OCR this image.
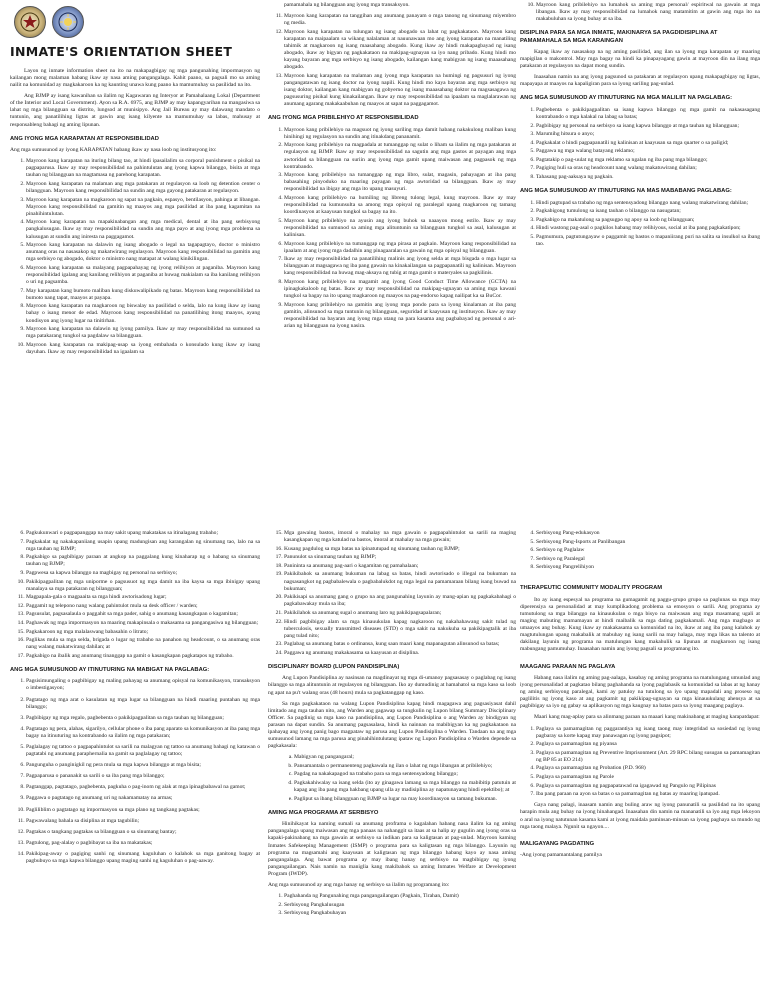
INMATE'S ORIENTATION SHEET

Layon ng inmate information sheet na ito na makapagbigay ng mga pangunahing impormasyon ng kailangan mong malaman habang ikaw ay nasa aming pangangalaga. Kahit paano, sa pagsali mo sa aming nailit na komunidad ay magkakaroon ka ng kaunting unawa kung paano ka mamumuhay sa pasilidad na ito.

Ang BJMP ay isang kawanihan sa ilalim ng Kagawaran ng Interyor at Pamahalaang Lokal (Department of the Interior and Local Government). Ayon sa R.A. 6975, ang BJMP ay may kapangyarihan na mangasiwa sa lahat ng mga bilangguan sa distrito, lungsod at munisipyo. Ang Jail Bureau ay may dalawang mandato o tuntunin, ang panatilihing ligtas at gawin ang isang kilyente na mamumuhay sa labas, mahusay at responsableng bahagi ng aming lipunan.

ANG IYONG MGA KARAPATAN AT RESPONSIBILIDAD

Ang mga sumusunod ay iyong KARAPATAN habang ikaw ay nasa loob ng institusyong ito:

1. Mayroon kang karapatan na ituring bilang tao, at hindi ipasailalim sa corporal punishment o pisikal na pagpaparusa. Ikaw ay may responsibilidad na pahintulutan ang iyong kapwa bilanggo, bisita at mga tauhan ng bilangguan na magtamasa ng parehong karapatan.
2. Mayroon kang karapatan na malaman ang mga patakaran at regulasyon sa loob ng detention center o bilangguan. Mayroon kang responsibilidad na sundin ang mga gayong patakaran at regulasyon.
3. Mayroon kang karapatan na magkaroon ng sapat na pagkain, espasyo, bentilasyon, pahinga at libangan. Mayroon kang responsibilidad na gamitin ng maayos ang mga pasilidad at iba pang kagamitan na pinahihintulutan.
4. Mayroon kang karapatan na mapakinabangan ang mga medical, dental at iba pang serbisyong pangkalusugan. Ikaw ay may responsibilidad na sundin ang mga payo at ang iyong mga problema sa kalusugan at sundin ang iniresta na paggagamot.
5. Mayroon kang karapatan na dalawin ng isang abogado o legal na tagapagtayo, doctor o ministro anumang oras na nasasakop ng makatwirang regulasyon. Mayroon kang responsibilidad na gamitin ang mga serbisyo ng abogado, doktor o ministro nang matapat at walang kinikilingan.
6. Mayroon kang karapatan sa malayang pagpapahayag ng iyong relihiyon at paganiba. Mayroon kang responsibilidad igalang ang kanilang relihiyon at paganiba at huwag makialam sa iba kanilang relihiyon o uri ng pagsamba.
7. May karapatan kang bumoto maliban kung diskuwalipikado ng batas. Mayroon kang responsibilidad na bumoto nang tapat, maayos at payapa.
8. Mayroon kang karapatan na magkaroon ng biswalay na pasilidad o selda, lalo na kung ikaw ay isang bahay o isang menor de edad. Mayroon kang responsibilidad na panatilihing itong maayos, ayang kondisyon ang iyong lugar na tinitirhan.
9. Mayroon kang karapatan na dalawin ng iyong pamilya. Ikaw ay may responsibilidad na sumunod sa mga patakarang tungkol sa pagdalaw sa bilangguan.
10. Mayroon kang karapatan na makipag-usap sa iyong embahada o konsulado kung ikaw ay isang dayuhan. Ikaw ay may responsibilidad na igaalam sa

pamamahala ng bilangguan ang iyong mga transaksyon.

11. Mayroon kang karapatan na tanggihan ang anumang panayam o mga tanong ng sinumang miyembro ng media.
12. Mayroon kang karapatan na tulungan ng isang abogado sa lahat ng pagkakataon. Mayroon kang karapatan na maipaalam sa wikang nalalaman at nauunawaan mo ang iyong karapatan na manatiling tahimik at magkaroon ng isang maasahang abogado. Kung ikaw ay hindi makapagbayad ng isang abogado, ikaw ay bigyan ng pagkakataon na makipag-ugnayan sa iyo nang pribado. Kung hindi mo kayang bayaran ang mga serbisyo ng isang abogado, kailangan kang mabigyan ng isang maaasahang abogado.
13. Mayroon kang karapatan na malaman ang iyong mga karapatan na humingi ng pagsusuri ng iyong pangangatawan ng isang doctor na iyong napili. Kung hindi mo kaya bayaran ang mga serbisyo ng isang doktor, kailangan kang mabigyan ng gobyerno ng isang maaasahang doktor na magsasagawa ng pagsusuring pisikal kung kinakailangan. Ikaw ay may responsibilidad na ipaalam sa maglalarawan ng anumang agarang makakaabuhan ng maayos at sapat na paggagamot.
ANG IYONG MGA PRIBILEHIYO AT RESPONSIBILIDAD
1. Mayroon kang pribilehiyo na magsuot ng iyong sariling mga damit habang nakakulong maliban kung hinihingi ng regulasyon na sundin ang itinakdang pananamit.
2. Mayroon kang pribilehiyo na magpadala at tumanggap ng sulat o liham sa ilalim ng mga patakaran at regulasyon ng BJMP. Ikaw ay may responsibilidad na sagutin ang mga gastos at payagan ang mga awtoridad sa bilangguan na suriin ang iyong mga gamit upang maiwasan ang pagpasok ng mga kontrabando.
3. Mayroon kang pribilehiyo na tumanggap ng mga libro, sulat, magasin, pahayagan at iba pang babasahing pinyoduko na maaring payagan ng mga awtoridad sa bilangguan. Ikaw ay may responsibilidad na ibigay ang mga ito upang masuyuri.
4. Mayroon kang pribilehiyo na humiling ng libreng tulong legal, kung mayroon. Ikaw ay may responsibilidad na kumunsulta sa among mga opisyal ng paralegal upang magkaroon ng tamang koordinasyon at kaayusan tungkol sa bagay na ito.
5. Mayroon kang pribilehiyo na ayusin ang iyong buhok sa naaayon mong estilo. Ikaw ay may responsibilidad na sumunod sa aming mga alituntunin sa bilangguan tungkol sa asal, kalusugan at kalinisan.
6. Mayroon kang pribilehiyo na tumanggap ng mga pirasa at pagkain. Mayroon kang responsibilidad na ipaalam at ang iyong mga dadalhin ang pinagaaralan sa gawain ng mga opisyal ng bilangguan.
7. Ikaw ay may responsibilidad na panatilihing malinis ang iyong selda at mga bisgada o mga lugar sa bilangguan at magsagawa ng iba pang gawain na kinakailangan sa pagpapanatili ng kalinisan. Mayroon kang responsibilidad na huwag mag-aksaya ng tubig at mga gamit o materyales sa pagkilinis.
8. Mayroon kang pribilehiyo na magamit ang iyong Good Conduct Time Allowance (GCTA) na ipinagkakaloob ng batas. Ikaw ay may responsibilidad na makipag-ugnayan sa aming mga kawani tungkol sa bagay na ito upang magkaroon ng maayos na pag-endorso kapag nailipat ka sa BuCor.
9. Mayroon kang pribilehiyo na gamitin ang iyong mga pondo para sa iyong kinalaman at iba pang gamitin, alinsunod sa mga tuntunin ng bilangguan, seguridad at kaayusan ng institusyon. Ikaw ay may responsibilidad na bayaran ang iyong mga utang na para kasama ang pagbabayad ng personal o ari-arian ng bilangguan na iyong nasira.
10. Mayroon kang pribilehiyo na lumahok sa aming mga personal/ espiritwal na gawain at mga libangan. Ikaw ay may responsibilidad na lumahok nang matamitim at gawin ang mga ito na makabuluhan sa iyong buhay at sa iba.
DISIPLINA PARA SA MGA INMATE, MAKINARYA SA PAGDIDISIPLINA AT PAMAMAHALA SA MGA KARAINGAN

Kapag ikaw ay nasasakop na ng aming pasilidad, ang ilan sa iyong mga karapatan ay maaring mapigilan o makontrol. May mga bagay na hindi ka pinapayagang gawin at mayroon din na ilang mga patakaran at regulasyon na dapat mong sundin.

Inaasahan namin na ang iyong pagsunod sa patakaran at regulasyon upang makapagbigay ng ligtas, mapayapa at maayos na kapaligiran para sa iyong sariling pag-unlad.

ANG MGA SUMUSUNOD AY ITINUTURING NA MGA MALILIIT NA PAGLABAG:
1. Pagbebenta o pakikipagpalitan sa isang kapwa bilanggo ng mga gamit na nakasasagang kontrabando o mga kalakal na labag sa batas;
2. Pagbibigay ng personal na serbisyo sa isang kapwa bilanggo at mga tauhan ng bilangguan;
3. Marumihg hitsura o anyo;
4. Pagkakalat o hindi pagpapanatili ng kalinisan at kaayusan sa mga quarter o sa paligid;
5. Paggawa ng mga walang batayang reklamo;
6. Pagtatakip o pag-uulat ng mga reklamo sa ngalan ng iba pang mga bilanggo;
7. Pagiging huli sa oras ng headcount nang walang makatuwirang dahilan;
8. Tahasang pag-aaksaya ng pagkain.
ANG MGA SUMUSUNOD AY ITINUTURING NA MAS MABABANG PAGLABAG:
1. Hindi pagtupad sa trabaho ng mga sentensyadong bilanggo nang walang makatwirang dahilan;
2. Pagkabigong tumulong sa isang tauhan o bilanggo na nasugatan;
3. Pagkabigo na makatulong sa pagsugpo ng apoy sa loob ng bilangguan;
4. Hindi wastong pag-asal o pagkilos habang may relihiyous, social at iba pang pagkakatipon;
5. Pagmumura, pagtutungayaw o paggamit ng bastos o mapaniirang puri na salita sa insulkol sa ibang tao.
6. Pagkukunwari o pagpapanggap na may sakit upang makatakas sa itinalagang trabaho;
7. Pagkakalat ng nakakapaniiang usapin upang madungisan ang karangalan ng sinumang tao, lalo na sa mga tauhan ng BJMP;
8. Pagkabigo sa pagbibigay paraan at angkop na paggalang kung kinaharap ng o habang sa sinumang tauhan ng BJMP;
9. Pagpwesa sa kapwa bilanggo na magbigay ng personal na serbisyo;
10. Pakikipagpalitan ng mga uniporme o pagsusuot ng mga damit na iba kaysa sa mga ibinigay upang manalaya sa mga patakaran ng bilangguan;
11. Magpapala-gala o magpaaita sa mga hindi awtorisadong lugar;
12. Paggamit ng telepono nang walang pahintulot mula sa desk officer / warden;
13. Pagsusulat, pagsasalaula o paggahit sa mga pader, sahig o anumang kasangkapan o kagamitan;
14. Paghawak ng mga impormasyon na maaring makapinsala o makasama sa pangangasiwa ng bilangguan;
15. Pagkakaroon ng mga malalaswang babasahin o litrato;
16. Paglikas mula sa mga selda, brigada o lugar ng trabaho na panahon ng headcount, o sa anumang oras nang walang makatwirang dahilan; at
17. Pagkabigo na ibalik ang anumang tinanggap na gamit o kasangkapan pagkatapos ng trabaho.
ANG MGA SUMUSUNOD AY ITINUTURING NA MABIGAT NA PAGLABAG:
1. Pagsisimungaling o pagbibigay ng maling pahayag sa anumang opisyal na komunikasyon, transaksyon o imbestigasyon;
2. Pagtatago ng mga arat o kasulatan ng mga lugar sa bilangguan na hindi maaring puntahan ng mga bilanggo;
3. Pagbibigay ng mga regalo, pagbebenta o pakikipagpalitan sa mga tauhan ng bilangguan;
4. Pagtatago ng pera, alahas, sigarilyo, cellular phone o iba pang aparato sa komunikasyon at iba pang mga bagay na itinuturing na kontrabando sa ilalim ng mga patakaran;
5. Paglalagay ng tattoo o pagpapahintulot sa sarili na malagyan ng tattoo sa anumang bahagi ng katawan o pagtatabi ng anumang paraphernalia na gamit sa paglalagay ng tattoo;
6. Pangunguha o panginigkil ng pera mula sa mga kapwa bilanggo at mga bisita;
7. Pagpaparusa o pananakit sa sarili o sa iba pang mga bilanggo;
8. Pagtanggap, pagtatago, pagbebenta, pagkuha o pag-inom ng alak at mga ipinagbabawal na gamot;
9. Paggawa o pagtatago ng anumang uri ng nakamamatay na armas;
10. Pagliliblim o pagtatago ng impormasyon sa mga plano ng tangkang pagtakas;
11. Pagwawalang bahala sa disiplina at mga tagubilin;
12. Pagtakas o tangkang pagtakas sa bilangguan o sa sinumang bantay;
13. Pagtulong, pag-alalay o pagbibayat sa iba na makatakas;
14. Pakikipag-away o pagiging sanhi ng sinumang kaguluhan o kalahok sa mga ganitong bagay at pagbubuyo sa mga kapwa bilanggo upang maging sanhi ng kaguluhan o pag-aaway.
15. Mga gawaing bastos, imoral o mahalay na mga gawain o pagpapahintulot sa sarili na maging kasangkapan ng mga katulad na bastos, imoral at mahalay na mga gawain;
16. Kusang pagdulog sa mga batas na ipinatutupad ng sinumang tauhan ng BJMP;
17. Panunulot sa sinumang tauhan ng BJMP;
18. Panininta sa anumang pag-aari o kagamitan ng pamahalaan;
19. Pakikibahok sa anumang bukuman na labag sa batas, hindi awtorisado o illegal na bukuman na nagsasangkot ng pagbabalewala o pagbabalukdot ng mga legal na pamamaraan bilang isang buwad na bukuman;
20. Pakikisapi sa anumang gang o grupo na ang pangunahing layunin ay mang-apian ng pagkakabahagi o pagkabawakay mula sa iba;
21. Pakikilahok sa anumang sugal o anumang laro ng pakikipagsapalaran;
22. Hindi pagbibigay alam sa mga kinauukulan kapag nagkaroon ng nakahahawang sakit tulad ng tuberculosis, sexually transmitted diseases (STD) o mga sakit na nakukuha sa pakikipagtalik at iba pang tulad nito;
23. Paglabag sa anumang batas o ordinansa, kung saan maari kang mapanagutan alinsunod sa batas;
24. Paggawa ng anumang makakasama sa kaayusan at disiplina.
DISCIPLINARY BOARD (LUPON PANDISIPLINA)

Ang Lupon Pandisiplina ay nasinsan na magdinayat ng mga di-umanoy pagsasasay o paglabag ng isang bilanggo sa mga alituntunin at regulasyon ng bilangguan. Iko ay dumudinig at hamahatol sa mga kaso sa loob ng apat na pu't walang oras (48 hours) mula sa pagkatanggap ng kaso.

Sa mga pagkakataon na walang Lupon Pandisiplina kapag hindi magagawa ang pagsasiyasat dahil limitado ang mga tauhan nito, ang Warden ang gagawap sa tungkulin ng Lupon bilang Summary Disciplinary Officer. Sa pagdinig sa mga kaso na pandisiplina, ang Lupon Pandisiplina o ang Warden ay bindigyan ng parasan na dapat sundin. Sa anumang pagsasalasa, hindi ka nainnan na mabibigyan ka ng pagkakataon na ipahayag ang iyong panig bago magpataw ng parusa ang Lupon Pandisiplina o Warden. Tandaan na ang mga sumusunod lamang na mga parusa ang pinahihintulutang ipataw ng Lupon Pandisiplina o Warden depende sa pagkakasala:

a. Mabigyan ng pangangaral;
b. Pansamantala o permanenteng pagkawala ng ilan o lahat ng mga libangan at pribilehiyo;
c. Pagdag na nakakapagod na trabaho para sa mga sentensyadong bilanggo;
d. Pagkakahiwalay sa isang selda (ito ay ginagawa lamang sa mga bilanggo na mabibitip patutuin at kapag ang iba pang mga hakbang upang ulla ay madisiplina ay napatunayang hindi epektibo); at
e. Pagliput sa ibang bilangguan ng BJMP sa lugar na may koordinasyon sa tamang bukuman.
AMING MGA PROGRAMA AT SERBISYO

Hinihikayat ka naming sumali sa anumang proframa o kagalahan habang nasa ilalim ka ng aming pangangalaga upang maiwasan ang mga panaas na nahanggit sa itaas at sa halip ay gugulin ang iyong oras sa kapaki-pakinabang na mga gawain at serbisyo sa indikan para sa kaligtasan at pag-unlad. Mayroon kaming Inmates Safekeeping Management (ISMP) o programa para sa kaligtasan ng mga bilanggo. Layunin ng programa na magsamahi ang kaayusan at kaligtasan ng mga bilanggo habang kayo ay nasa aming pangangalaga. Ang bawat programa ay may ibang hanay ng serbisyo na magbibigay ng iyong pangangailangan. Nais namin na maniglia kang makibahok sa aming Inmates Welfare at Development Program (IWDP).

Ang mga sumusunod ay ang mga hanay ng serbisyo sa ilalim ng programang ito:

1. Paghahanda ng Pangunahing mga pangangailangan (Pagkain, Tirahan, Damit)
2. Serbisyong Pangkalusugan
3. Serbisyong Pangkabuhayan
4. Serbisyong Pang-edukasyon
5. Serbisyong Pang-Isports at Panlibangan
6. Serbisyo ng Paglalaw
7. Serbisyo ng Paralegal
8. Serbisyong Pangrelihiyon
THERAPEUTIC COMMUNITY MODALITY PROGRAM

Ito ay isang espesyal na programa na gumagamit ng paggu-grupo grupo sa paglunas sa mga may diperensiya sa personalidad at may kumplikadong problema sa emosyon o sarili. Ang programa ay tumutulong sa mga bilanggo na kinauukulan o mga bisyo na maiwasan ang mga masamang ugali at maging mabuting mamamayan at hindi maibalik sa mga dating pagkakamali. Ang mga magbago at umaayos ang buhay. Kung ikaw ay makakasama sa komunidad na ito, ikaw at ang iba pang kalahok ay magtutulungan upang makabalik at mabuhay ng isang sarili na may halaga, may mga likas na talento at dakilang layunin ng programa na matulungan kang makahulik sa lipunan at magkaroon ng isang mabungang pamumuhay. Inaasahan namin ang iyong pagsali sa programang ito.

MAAGANG PARAAN NG PAGLAYA

Habang nasa ilalim ng aming pag-aalaga, kasabay ng aming programa na matulungang umunlad ang iyong personalidad at pagkatao bilang paghahanda sa iyong paglabasik sa komunidad sa labas at ng hanay ng aming serbisyong paralegal, kami ay patuloy na tutulong sa iyo upang mapadali ang proseso ng paglilitis ng iyong kaso at ang pagkamit ng pakikipag-ugnayan sa mga kinauukulang ahensya at sa pagbibigay sa iyo ng gabay sa aplikasyon ng mga kaugnay na batas para sa iyong maagang paglaya.

Maari kang mag-aplay para sa alinmang paraan na maaari kang makinabang at maging karapatdapat:

1. Paglaya sa pamamagitan ng paggarantiya ng isang taong may integridad sa sosiedad ng iyong pagbaray sa korte kapag may panawagan ng iyong pagsipot;
2. Paglaya sa pamamagitan ng piyansa
3. Paglaya sa pamamagitan ng Preventive Imprisonment (Art. 29 RPC bilang susugan sa pamamagitan ng BP 85 at EO 214)
4. Paglaya sa pamamagitan ng Probation (P.D. 968)
5. Paglaya sa pamamagitan ng Parole
6. Paglaya sa pamamagitan ng pagpapatawad na igagawad ng Pangulo ng Pilipinas
7. Iba pang paraan na ayon sa batas o sa pamamagitan ng batas ay maaring ipatupad.

Gaya nang palagi, inaasam namin ang buling araw ng iyong panunatili sa pasilidad na ito upang harapin mula ang buhay na iyong hinahangad. Inaasahan din namin na mananatili sa iyo ang mga lekoyon o aral na iyong natutunan kasama kami at iyong maidala paminsan-minsan sa iyong paghaya sa mundo ng mga taong malaya. Ngunit sa ngayon....

MALIGAYANG PAGDATING

-Ang iyong pamamantalang pamilya
